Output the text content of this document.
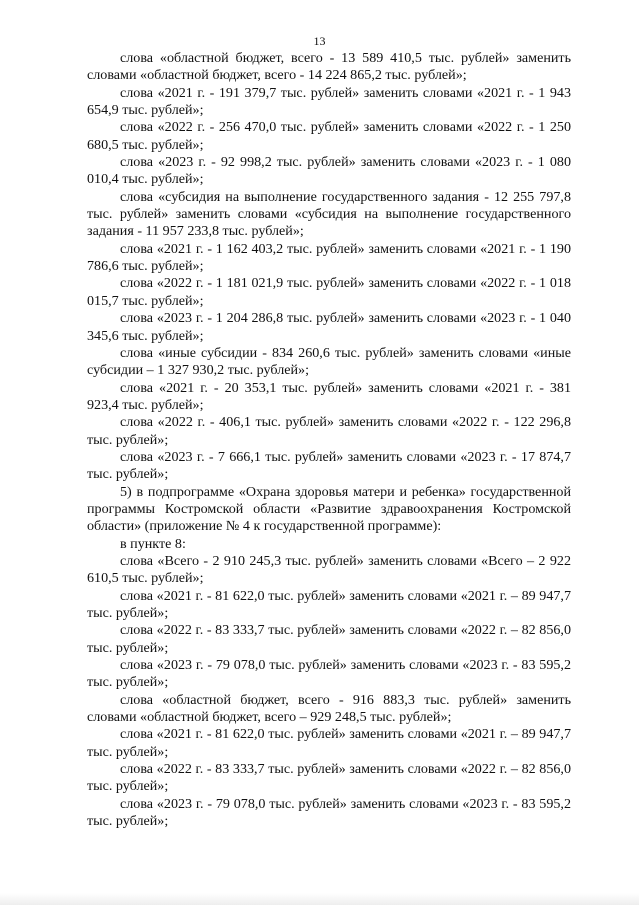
13

слова «областной бюджет, всего - 13 589 410,5 тыс. рублей» заменить словами «областной бюджет, всего - 14 224 865,2 тыс. рублей»;

слова «2021 г. - 191 379,7 тыс. рублей» заменить словами «2021 г. - 1 943 654,9 тыс. рублей»;

слова «2022 г. - 256 470,0 тыс. рублей» заменить словами «2022 г. - 1 250 680,5 тыс. рублей»;

слова «2023 г. - 92 998,2 тыс. рублей» заменить словами «2023 г. - 1 080 010,4 тыс. рублей»;

слова «субсидия на выполнение государственного задания - 12 255 797,8 тыс. рублей» заменить словами «субсидия на выполнение государственного задания - 11 957 233,8 тыс. рублей»;

слова «2021 г. - 1 162 403,2 тыс. рублей» заменить словами «2021 г. - 1 190 786,6 тыс. рублей»;

слова «2022 г. - 1 181 021,9 тыс. рублей» заменить словами «2022 г. - 1 018 015,7 тыс. рублей»;

слова «2023 г. - 1 204 286,8 тыс. рублей» заменить словами «2023 г. - 1 040 345,6 тыс. рублей»;

слова «иные субсидии - 834 260,6 тыс. рублей» заменить словами «иные субсидии – 1 327 930,2 тыс. рублей»;

слова «2021 г. - 20 353,1 тыс. рублей» заменить словами «2021 г. - 381 923,4 тыс. рублей»;

слова «2022 г. - 406,1 тыс. рублей» заменить словами «2022 г. - 122 296,8 тыс. рублей»;

слова «2023 г. - 7 666,1 тыс. рублей» заменить словами «2023 г. - 17 874,7 тыс. рублей»;

5) в подпрограмме «Охрана здоровья матери и ребенка» государственной программы Костромской области «Развитие здравоохранения Костромской области» (приложение № 4 к государственной программе):

в пункте 8:

слова «Всего - 2 910 245,3 тыс. рублей» заменить словами «Всего – 2 922 610,5 тыс. рублей»;

слова «2021 г. - 81 622,0 тыс. рублей» заменить словами «2021 г. – 89 947,7 тыс. рублей»;

слова «2022 г. - 83 333,7 тыс. рублей» заменить словами «2022 г. – 82 856,0 тыс. рублей»;

слова «2023 г. - 79 078,0 тыс. рублей» заменить словами «2023 г. - 83 595,2 тыс. рублей»;

слова «областной бюджет, всего - 916 883,3 тыс. рублей» заменить словами «областной бюджет, всего – 929 248,5 тыс. рублей»;

слова «2021 г. - 81 622,0 тыс. рублей» заменить словами «2021 г. – 89 947,7 тыс. рублей»;

слова «2022 г. - 83 333,7 тыс. рублей» заменить словами «2022 г. – 82 856,0 тыс. рублей»;

слова «2023 г. - 79 078,0 тыс. рублей» заменить словами «2023 г. - 83 595,2 тыс. рублей»;
